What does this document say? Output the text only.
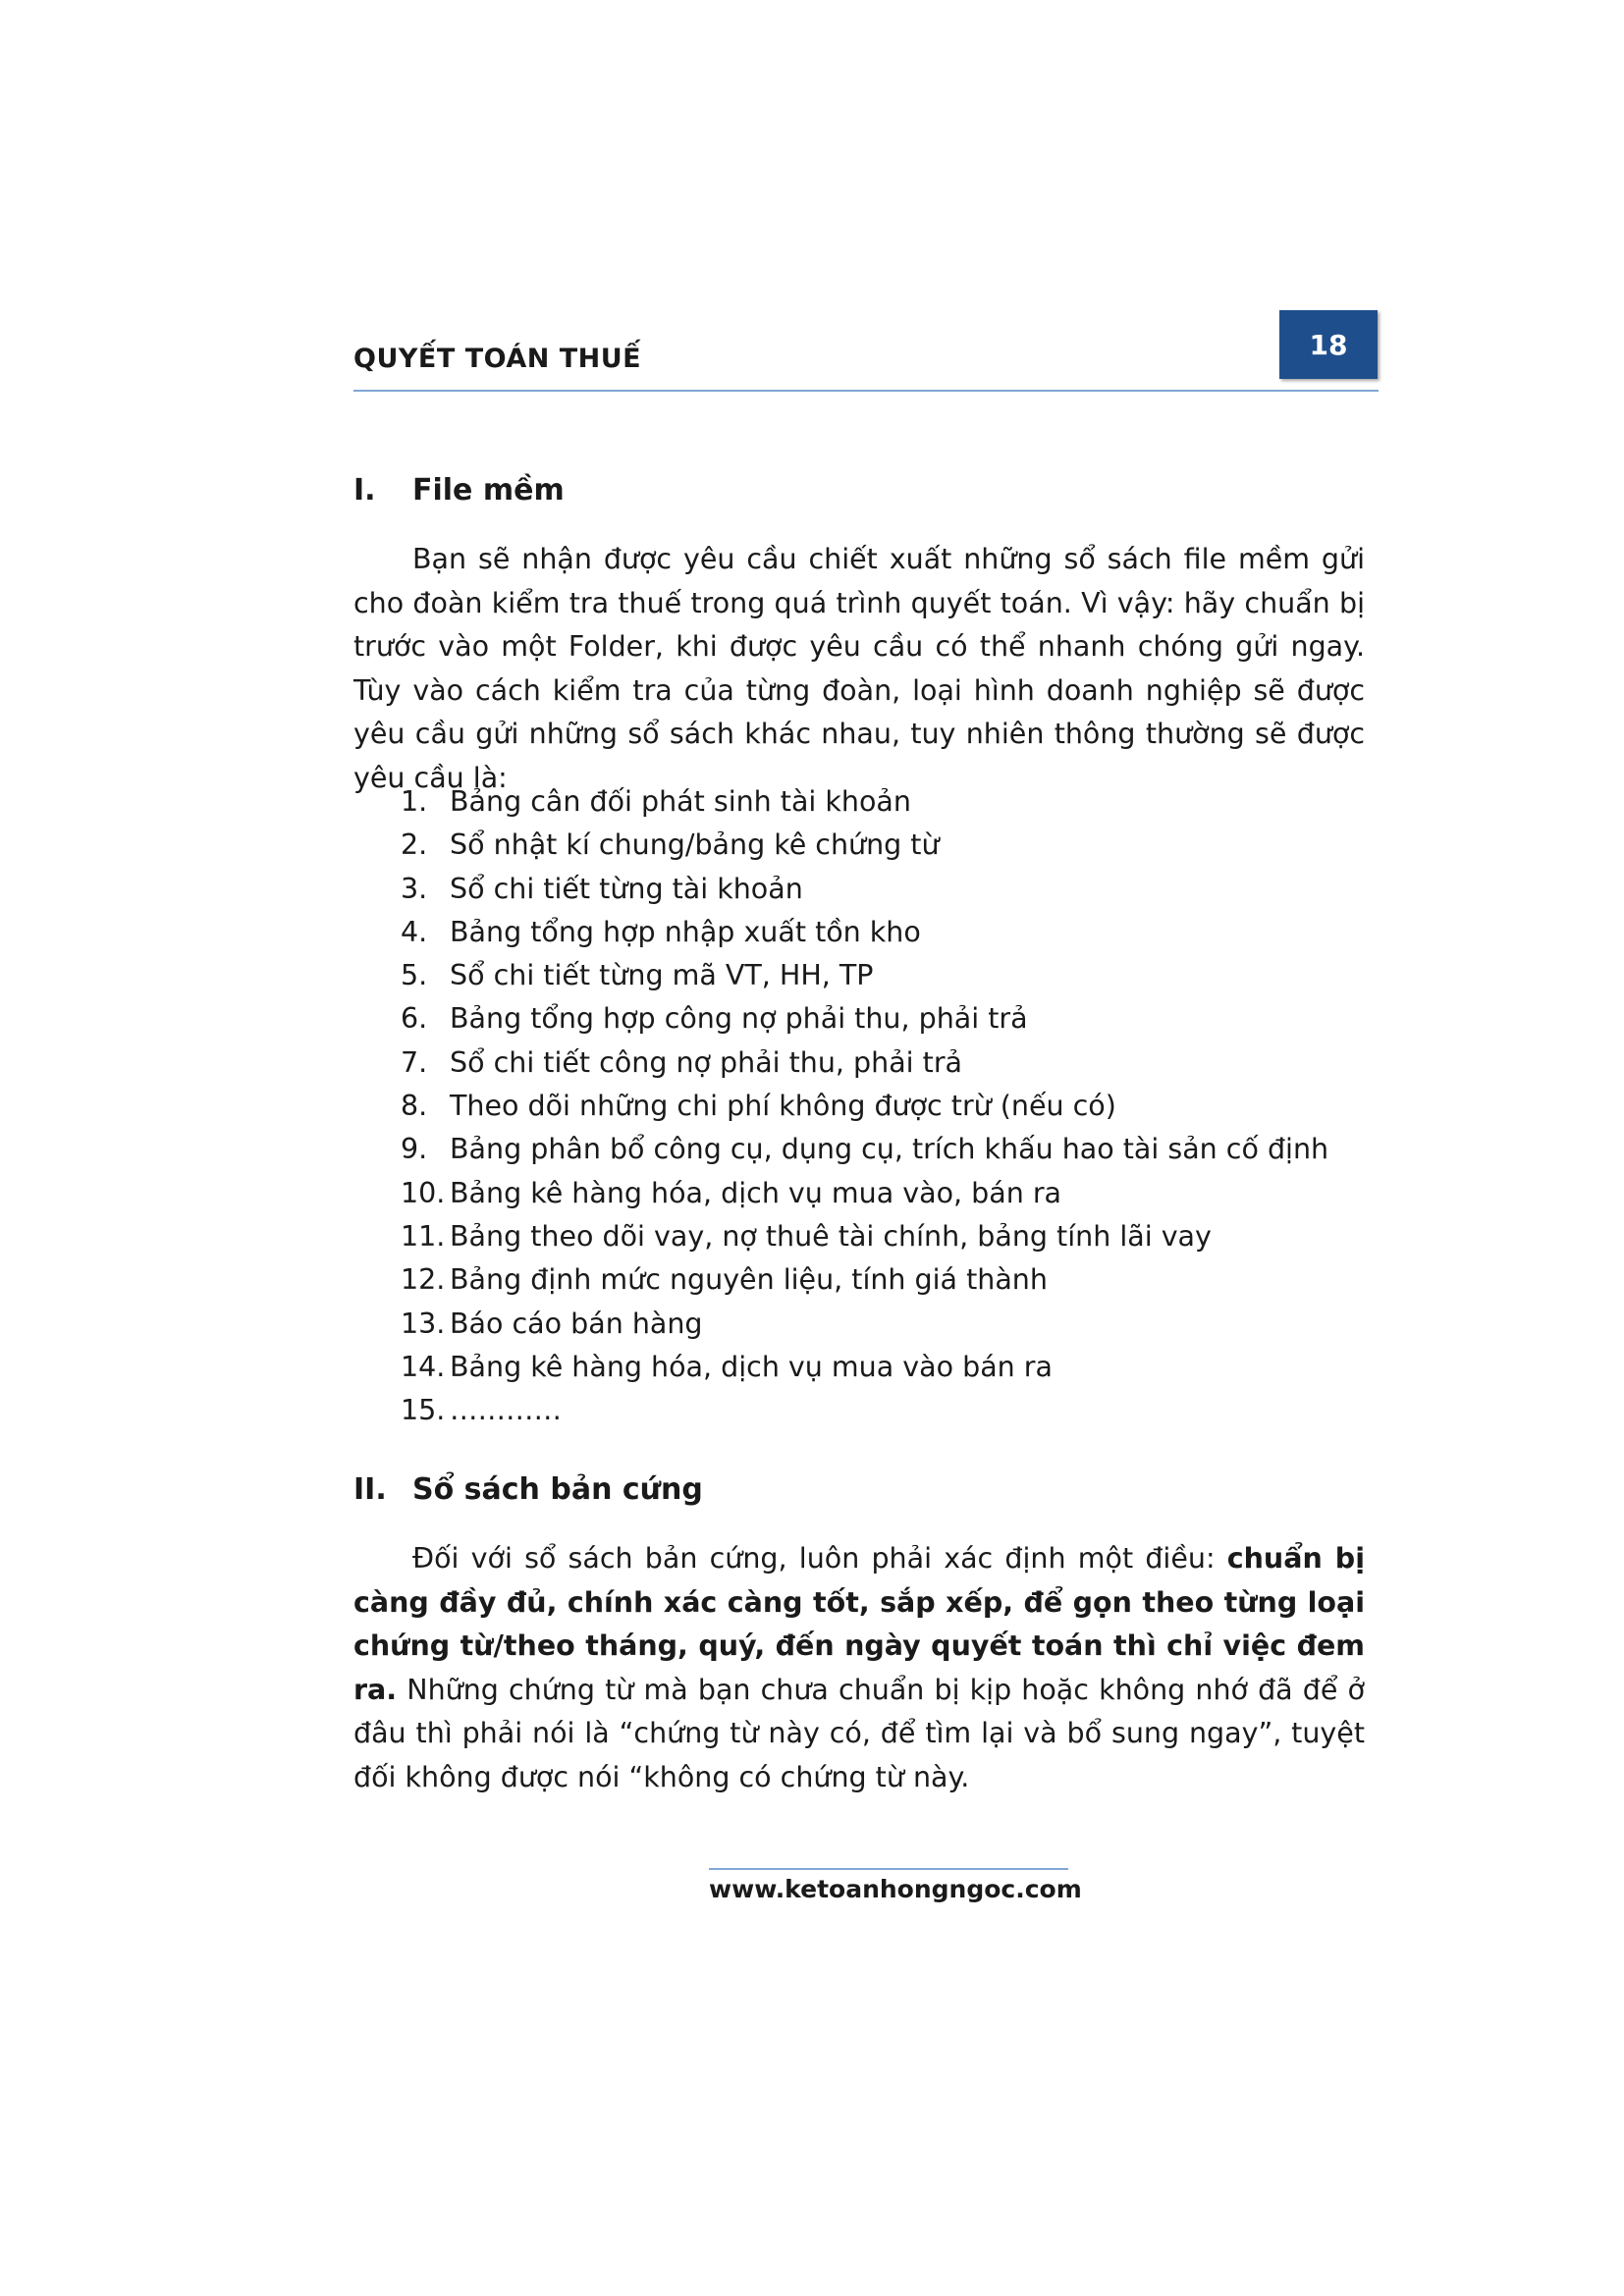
QUYẾT TOÁN THUẾ	18
I. File mềm

Bạn sẽ nhận được yêu cầu chiết xuất những sổ sách file mềm gửi cho đoàn kiểm tra thuế trong quá trình quyết toán. Vì vậy: hãy chuẩn bị trước vào một Folder, khi được yêu cầu có thể nhanh chóng gửi ngay. Tùy vào cách kiểm tra của từng đoàn, loại hình doanh nghiệp sẽ được yêu cầu gửi những sổ sách khác nhau, tuy nhiên thông thường sẽ được yêu cầu là:

1. Bảng cân đối phát sinh tài khoản
2. Sổ nhật kí chung/bảng kê chứng từ
3. Sổ chi tiết từng tài khoản
4. Bảng tổng hợp nhập xuất tồn kho
5. Sổ chi tiết từng mã VT, HH, TP
6. Bảng tổng hợp công nợ phải thu, phải trả
7. Sổ chi tiết công nợ phải thu, phải trả
8. Theo dõi những chi phí không được trừ (nếu có)
9. Bảng phân bổ công cụ, dụng cụ, trích khấu hao tài sản cố định
10. Bảng kê hàng hóa, dịch vụ mua vào, bán ra
11. Bảng theo dõi vay, nợ thuê tài chính, bảng tính lãi vay
12. Bảng định mức nguyên liệu, tính giá thành
13. Báo cáo bán hàng
14. Bảng kê hàng hóa, dịch vụ mua vào bán ra
15. …………
II. Sổ sách bản cứng

Đối với sổ sách bản cứng, luôn phải xác định một điều: chuẩn bị càng đầy đủ, chính xác càng tốt, sắp xếp, để gọn theo từng loại chứng từ/theo tháng, quý, đến ngày quyết toán thì chỉ việc đem ra. Những chứng từ mà bạn chưa chuẩn bị kịp hoặc không nhớ đã để ở đâu thì phải nói là “chứng từ này có, để tìm lại và bổ sung ngay”, tuyệt đối không được nói “không có chứng từ này.

www.ketoanhongngoc.com
